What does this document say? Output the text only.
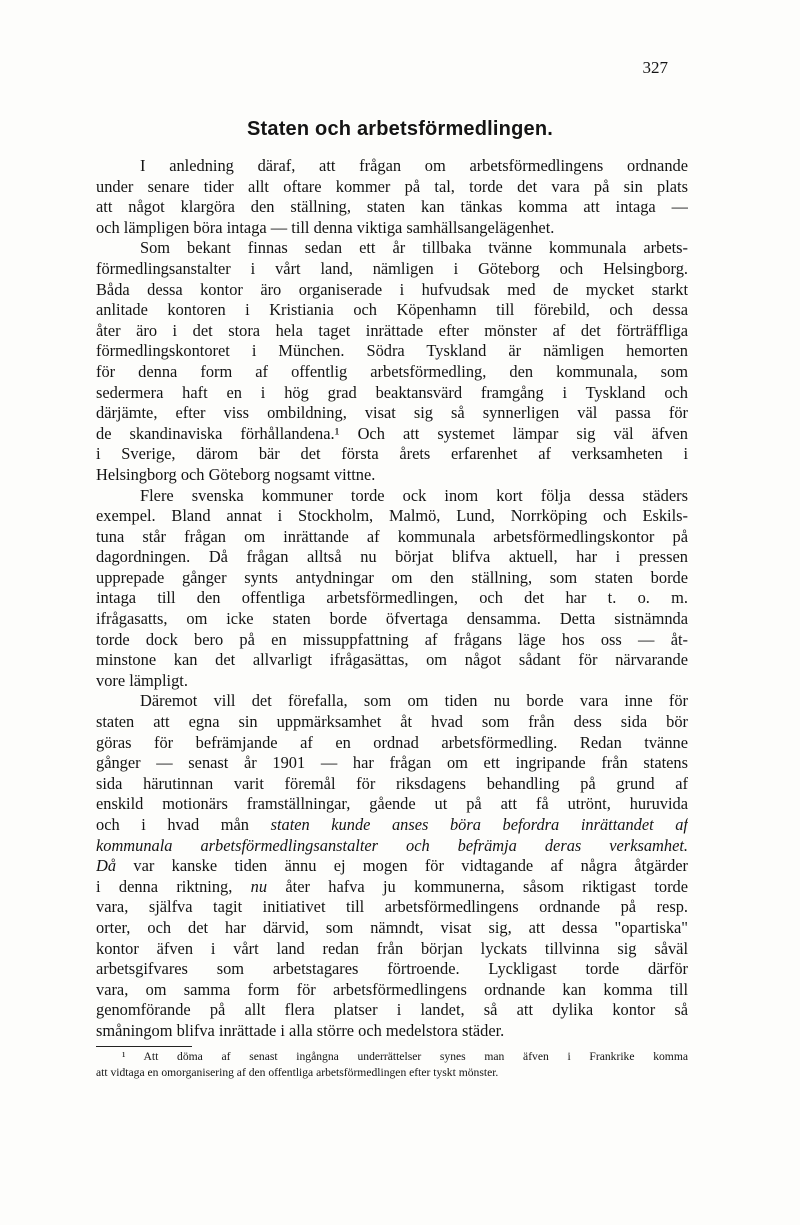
327
Staten och arbetsförmedlingen.
I anledning däraf, att frågan om arbetsförmedlingens ordnande
under senare tider allt oftare kommer på tal, torde det vara på sin plats
att något klargöra den ställning, staten kan tänkas komma att intaga —
och lämpligen böra intaga — till denna viktiga samhällsangelägenhet.
Som bekant finnas sedan ett år tillbaka tvänne kommunala arbets-
förmedlingsanstalter i vårt land, nämligen i Göteborg och Helsingborg.
Båda dessa kontor äro organiserade i hufvudsak med de mycket starkt
anlitade kontoren i Kristiania och Köpenhamn till förebild, och dessa
åter äro i det stora hela taget inrättade efter mönster af det förträffliga
förmedlingskontoret i München. Södra Tyskland är nämligen hemorten
för denna form af offentlig arbetsförmedling, den kommunala, som
sedermera haft en i hög grad beaktansvärd framgång i Tyskland och
därjämte, efter viss ombildning, visat sig så synnerligen väl passa för
de skandinaviska förhållandena.¹ Och att systemet lämpar sig väl äfven
i Sverige, därom bär det första årets erfarenhet af verksamheten i
Helsingborg och Göteborg nogsamt vittne.
Flere svenska kommuner torde ock inom kort följa dessa städers
exempel. Bland annat i Stockholm, Malmö, Lund, Norrköping och Eskils-
tuna står frågan om inrättande af kommunala arbetsförmedlingskontor på
dagordningen. Då frågan alltså nu börjat blifva aktuell, har i pressen
upprepade gånger synts antydningar om den ställning, som staten borde
intaga till den offentliga arbetsförmedlingen, och det har t. o. m.
ifrågasatts, om icke staten borde öfvertaga densamma. Detta sistnämnda
torde dock bero på en missuppfattning af frågans läge hos oss — åt-
minstone kan det allvarligt ifrågasättas, om något sådant för närvarande
vore lämpligt.
Däremot vill det förefalla, som om tiden nu borde vara inne för
staten att egna sin uppmärksamhet åt hvad som från dess sida bör
göras för befrämjande af en ordnad arbetsförmedling. Redan tvänne
gånger — senast år 1901 — har frågan om ett ingripande från statens
sida härutinnan varit föremål för riksdagens behandling på grund af
enskild motionärs framställningar, gående ut på att få utrönt, huruvida
och i hvad mån staten kunde anses böra befordra inrättandet af
kommunala arbetsförmedlingsanstalter och befrämja deras verksamhet.
Då var kanske tiden ännu ej mogen för vidtagande af några åtgärder
i denna riktning, nu åter hafva ju kommunerna, såsom riktigast torde
vara, själfva tagit initiativet till arbetsförmedlingens ordnande på resp.
orter, och det har därvid, som nämndt, visat sig, att dessa "opartiska"
kontor äfven i vårt land redan från början lyckats tillvinna sig såväl
arbetsgifvares som arbetstagares förtroende. Lyckligast torde därför
vara, om samma form för arbetsförmedlingens ordnande kan komma till
genomförande på allt flera platser i landet, så att dylika kontor så
småningom blifva inrättade i alla större och medelstora städer.
¹ Att döma af senast ingångna underrättelser synes man äfven i Frankrike komma
att vidtaga en omorganisering af den offentliga arbetsförmedlingen efter tyskt mönster.
